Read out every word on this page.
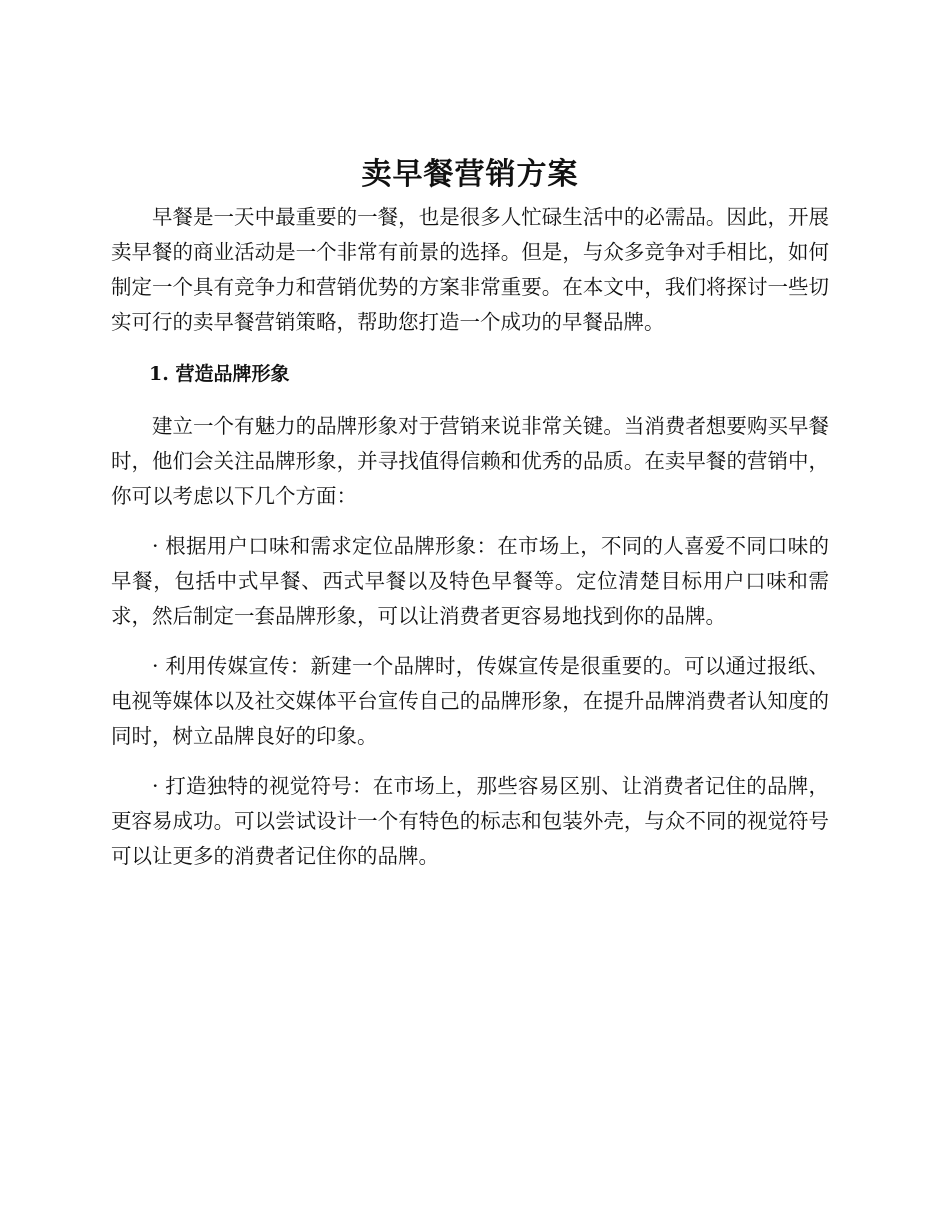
卖早餐营销方案

早餐是一天中最重要的一餐，也是很多人忙碌生活中的必需品。因此，开展卖早餐的商业活动是一个非常有前景的选择。但是，与众多竞争对手相比，如何制定一个具有竞争力和营销优势的方案非常重要。在本文中，我们将探讨一些切实可行的卖早餐营销策略，帮助您打造一个成功的早餐品牌。

1. 营造品牌形象

建立一个有魅力的品牌形象对于营销来说非常关键。当消费者想要购买早餐时，他们会关注品牌形象，并寻找值得信赖和优秀的品质。在卖早餐的营销中，你可以考虑以下几个方面：

· 根据用户口味和需求定位品牌形象：在市场上，不同的人喜爱不同口味的早餐，包括中式早餐、西式早餐以及特色早餐等。定位清楚目标用户口味和需求，然后制定一套品牌形象，可以让消费者更容易地找到你的品牌。

· 利用传媒宣传：新建一个品牌时，传媒宣传是很重要的。可以通过报纸、电视等媒体以及社交媒体平台宣传自己的品牌形象，在提升品牌消费者认知度的同时，树立品牌良好的印象。

· 打造独特的视觉符号：在市场上，那些容易区别、让消费者记住的品牌，更容易成功。可以尝试设计一个有特色的标志和包装外壳，与众不同的视觉符号可以让更多的消费者记住你的品牌。
